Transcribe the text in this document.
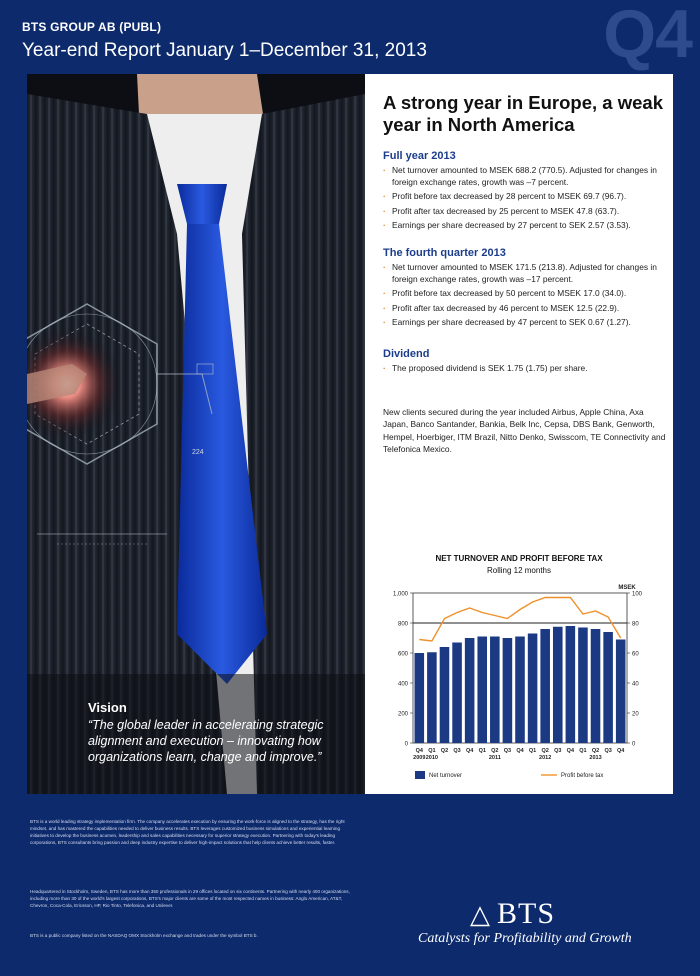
BTS GROUP AB (PUBL)
Year-end Report January 1–December 31, 2013	Q4
224
Vision
“The global leader in accelerating strategic alignment and execution – innovating how organizations learn, change and improve.”
A strong year in Europe, a weak year in North America
Full year 2013
· Net turnover amounted to MSEK 688.2 (770.5). Adjusted for changes in foreign exchange rates, growth was –7 percent.
· Profit before tax decreased by 28 percent to MSEK 69.7 (96.7).
· Profit after tax decreased by 25 percent to MSEK 47.8 (63.7).
· Earnings per share decreased by 27 percent to SEK 2.57 (3.53).
The fourth quarter 2013
· Net turnover amounted to MSEK 171.5 (213.8). Adjusted for changes in foreign exchange rates, growth was –17 percent.
· Profit before tax decreased by 50 percent to MSEK 17.0 (34.0).
· Profit after tax decreased by 46 percent to MSEK 12.5 (22.9).
· Earnings per share decreased by 47 percent to SEK 0.67 (1.27).
Dividend
· The proposed dividend is SEK 1.75 (1.75) per share.
New clients secured during the year included Airbus, Apple China, Axa Japan, Banco Santander, Bankia, Belk Inc, Cepsa, DBS Bank, Genworth, Hempel, Hoerbiger, ITM Brazil, Nitto Denko, Swisscom, TE Connectivity and Telefonica Mexico.
NET TURNOVER AND PROFIT BEFORE TAX
Rolling 12 months
0
200
400
600
800
1,000
0
20
40
60
80
100
MSEK
Q4 Q1 Q2 Q3 Q4 Q1 Q2 Q3 Q4 Q1 Q2 Q3 Q4 Q1 Q2 Q3 Q4
2009 2010	2011	2012	2013
Net turnover	Profit before tax
BTS is a world leading strategy implementation firm. The company accelerates execution by ensuring the work-force is aligned to the strategy, has the right mindset, and has mastered the capabilities needed to deliver business results. BTS leverages customized business simulations and experiential learning initiatives to develop the business acumen, leadership and sales capabilities necessary for superior strategy execution. Partnering with today's leading corporations, BTS consultants bring passion and deep industry expertise to deliver high-impact solutions that help clients achieve better results, faster.
Headquartered in Stockholm, Sweden, BTS has more than 350 professionals in 29 offices located on six continents. Partnering with nearly 400 organizations, including more than 30 of the world's largest corporations, BTS's major clients are some of the most respected names in business: Anglo American, AT&T, Chevron, Coca-Cola, Ericsson, HP, Rio Tinto, Telefonica, and Unilever.
BTS is a public company listed on the NASDAQ OMX Stockholm exchange and trades under the symbol BTS b.
△ BTS
Catalysts for Profitability and Growth
